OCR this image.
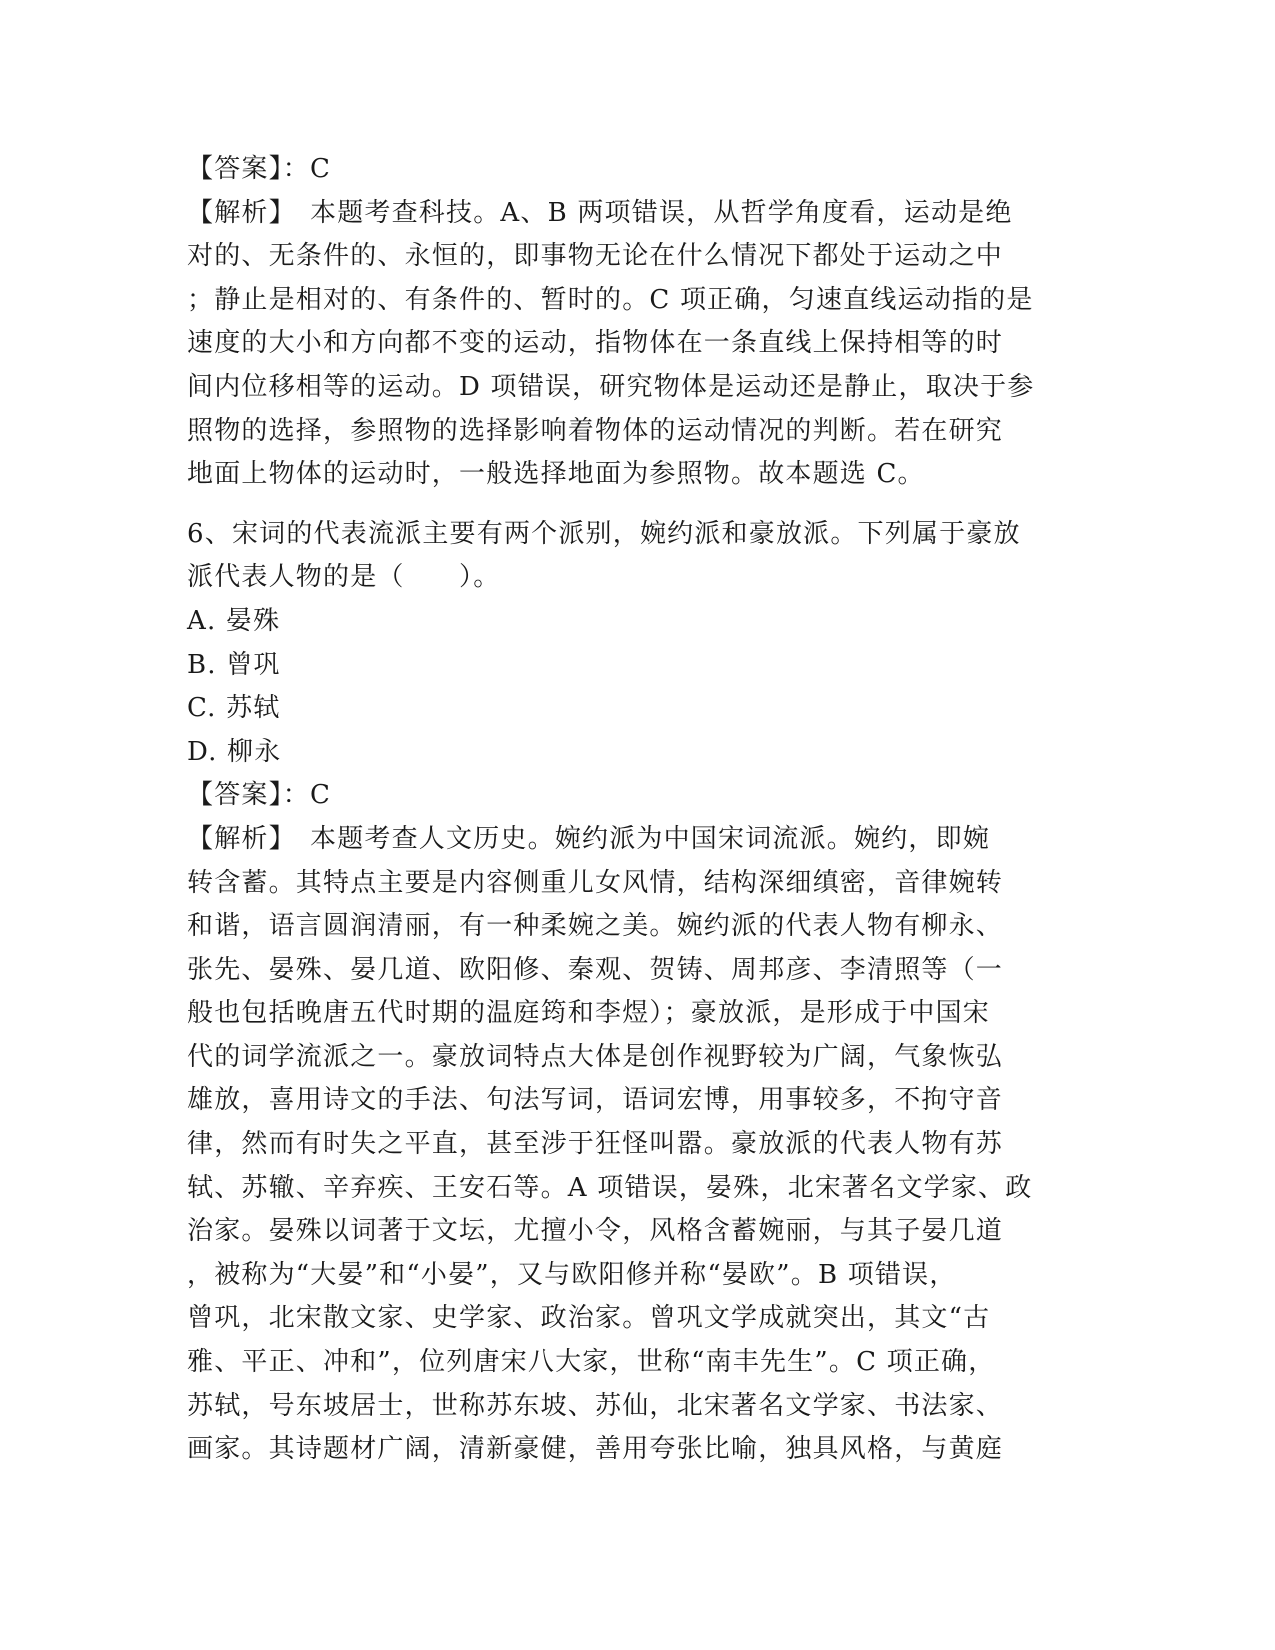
【答案】：C
【解析】　本题考查科技。A、B 两项错误，从哲学角度看，运动是绝
对的、无条件的、永恒的，即事物无论在什么情况下都处于运动之中
；静止是相对的、有条件的、暂时的。C 项正确，匀速直线运动指的是
速度的大小和方向都不变的运动，指物体在一条直线上保持相等的时
间内位移相等的运动。D 项错误，研究物体是运动还是静止，取决于参
照物的选择，参照物的选择影响着物体的运动情况的判断。若在研究
地面上物体的运动时，一般选择地面为参照物。故本题选 C。
6、宋词的代表流派主要有两个派别，婉约派和豪放派。下列属于豪放
派代表人物的是（　　）。
A. 晏殊
B. 曾巩
C. 苏轼
D. 柳永
【答案】：C
【解析】　本题考查人文历史。婉约派为中国宋词流派。婉约，即婉
转含蓄。其特点主要是内容侧重儿女风情，结构深细缜密，音律婉转
和谐，语言圆润清丽，有一种柔婉之美。婉约派的代表人物有柳永、
张先、晏殊、晏几道、欧阳修、秦观、贺铸、周邦彦、李清照等（一
般也包括晚唐五代时期的温庭筠和李煜）；豪放派，是形成于中国宋
代的词学流派之一。豪放词特点大体是创作视野较为广阔，气象恢弘
雄放，喜用诗文的手法、句法写词，语词宏博，用事较多，不拘守音
律，然而有时失之平直，甚至涉于狂怪叫嚣。豪放派的代表人物有苏
轼、苏辙、辛弃疾、王安石等。A 项错误，晏殊，北宋著名文学家、政
治家。晏殊以词著于文坛，尤擅小令，风格含蓄婉丽，与其子晏几道
，被称为“大晏”和“小晏”，又与欧阳修并称“晏欧”。B 项错误，
曾巩，北宋散文家、史学家、政治家。曾巩文学成就突出，其文“古
雅、平正、冲和”，位列唐宋八大家，世称“南丰先生”。C 项正确，
苏轼，号东坡居士，世称苏东坡、苏仙，北宋著名文学家、书法家、
画家。其诗题材广阔，清新豪健，善用夸张比喻，独具风格，与黄庭
